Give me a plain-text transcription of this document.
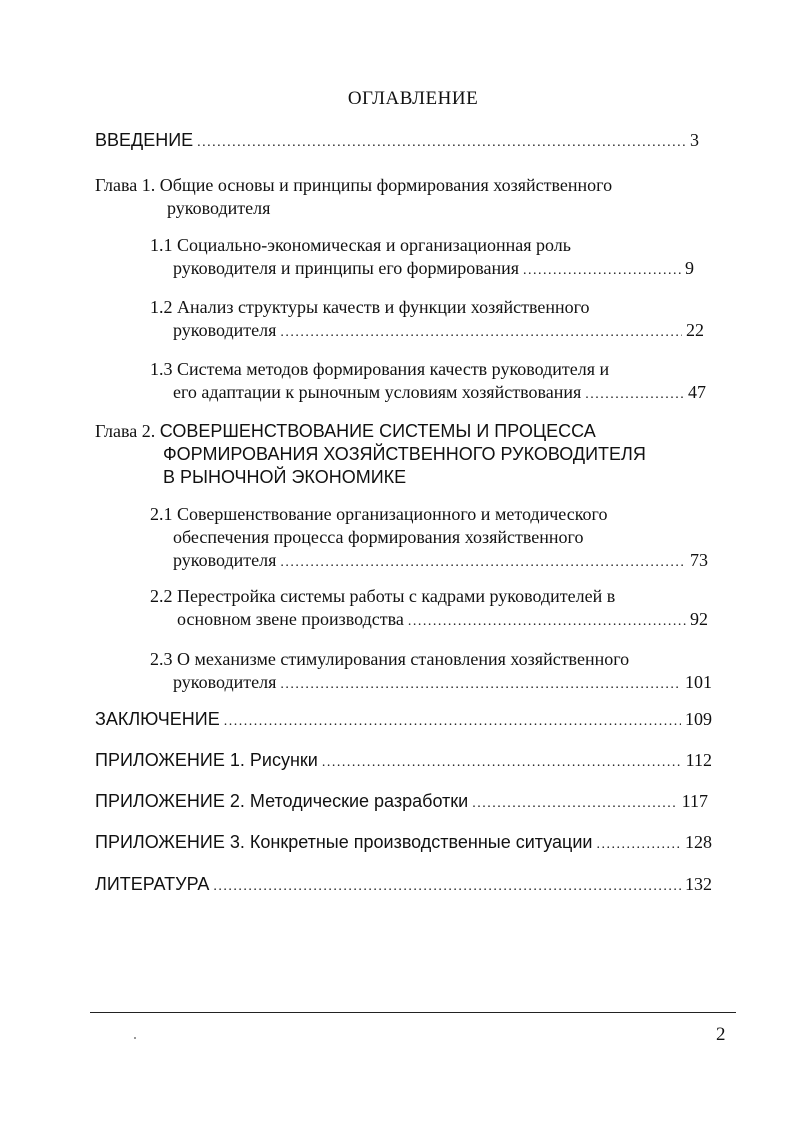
ОГЛАВЛЕНИЕ
ВВЕДЕНИЕ .....	3
Глава 1. Общие основы и принципы формирования хозяйственного
руководителя
1.1 Социально-экономическая и организационная роль
руководителя и принципы его формирования .....	9
1.2 Анализ структуры качеств и функции хозяйственного
руководителя .....	22
1.3 Система методов формирования качеств руководителя и
его адаптации к рыночным условиям хозяйствования .....	47
Глава 2. СОВЕРШЕНСТВОВАНИЕ СИСТЕМЫ И ПРОЦЕССА
ФОРМИРОВАНИЯ ХОЗЯЙСТВЕННОГО РУКОВОДИТЕЛЯ
В РЫНОЧНОЙ ЭКОНОМИКЕ
2.1 Совершенствование организационного и методического
обеспечения процесса формирования хозяйственного
руководителя .....	73
2.2 Перестройка системы работы с кадрами руководителей в
основном звене производства .....	92
2.3 О механизме стимулирования становления хозяйственного
руководителя .....	101
ЗАКЛЮЧЕНИЕ .....	109
ПРИЛОЖЕНИЕ 1. Рисунки .....	112
ПРИЛОЖЕНИЕ 2. Методические разработки .....	117
ПРИЛОЖЕНИЕ 3. Конкретные производственные ситуации .....	128
ЛИТЕРАТУРА .....	132
2
